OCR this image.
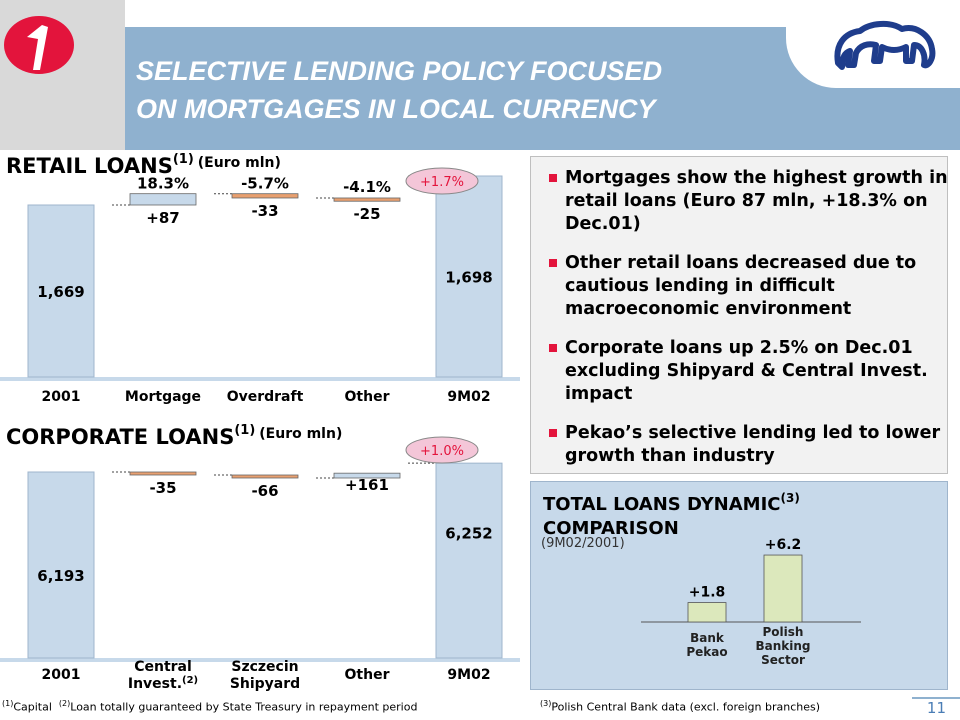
SELECTIVE LENDING POLICY FOCUSED
ON MORTGAGES IN LOCAL CURRENCY
RETAIL LOANS$^{(1)}$ $^{(Euro mln)}$
1,669
2001
+87
18.3%
Mortgage
-33
-5.7%
Overdraft
-25
-4.1%
Other
1,698
9M02
+1.7%
CORPORATE LOANS$^{(1)}$ $^{(Euro mln)}$
6,193
2001
-35
Central
Invest.$^{(2)}$
-66
Szczecin
Shipyard
+161
Other
6,252
9M02
+1.0%
Mortgages show the highest growth in retail loans (Euro 87 mln, +18.3% on Dec.01)
Other retail loans decreased due to cautious lending in difficult macroeconomic environment
Corporate loans up 2.5% on Dec.01 excluding Shipyard & Central Invest. impact
Pekao’s selective lending led to lower growth than industry
TOTAL LOANS DYNAMIC$^{(3)}$
COMPARISON
(9M02/2001)
+1.8
Bank
Pekao
+6.2
Polish
Banking
Sector
$^{(1)}$Capital $^{(2)}$Loan totally guaranteed by State Treasury in repayment period	$^{(3)}$Polish Central Bank data (excl. foreign branches)	11
